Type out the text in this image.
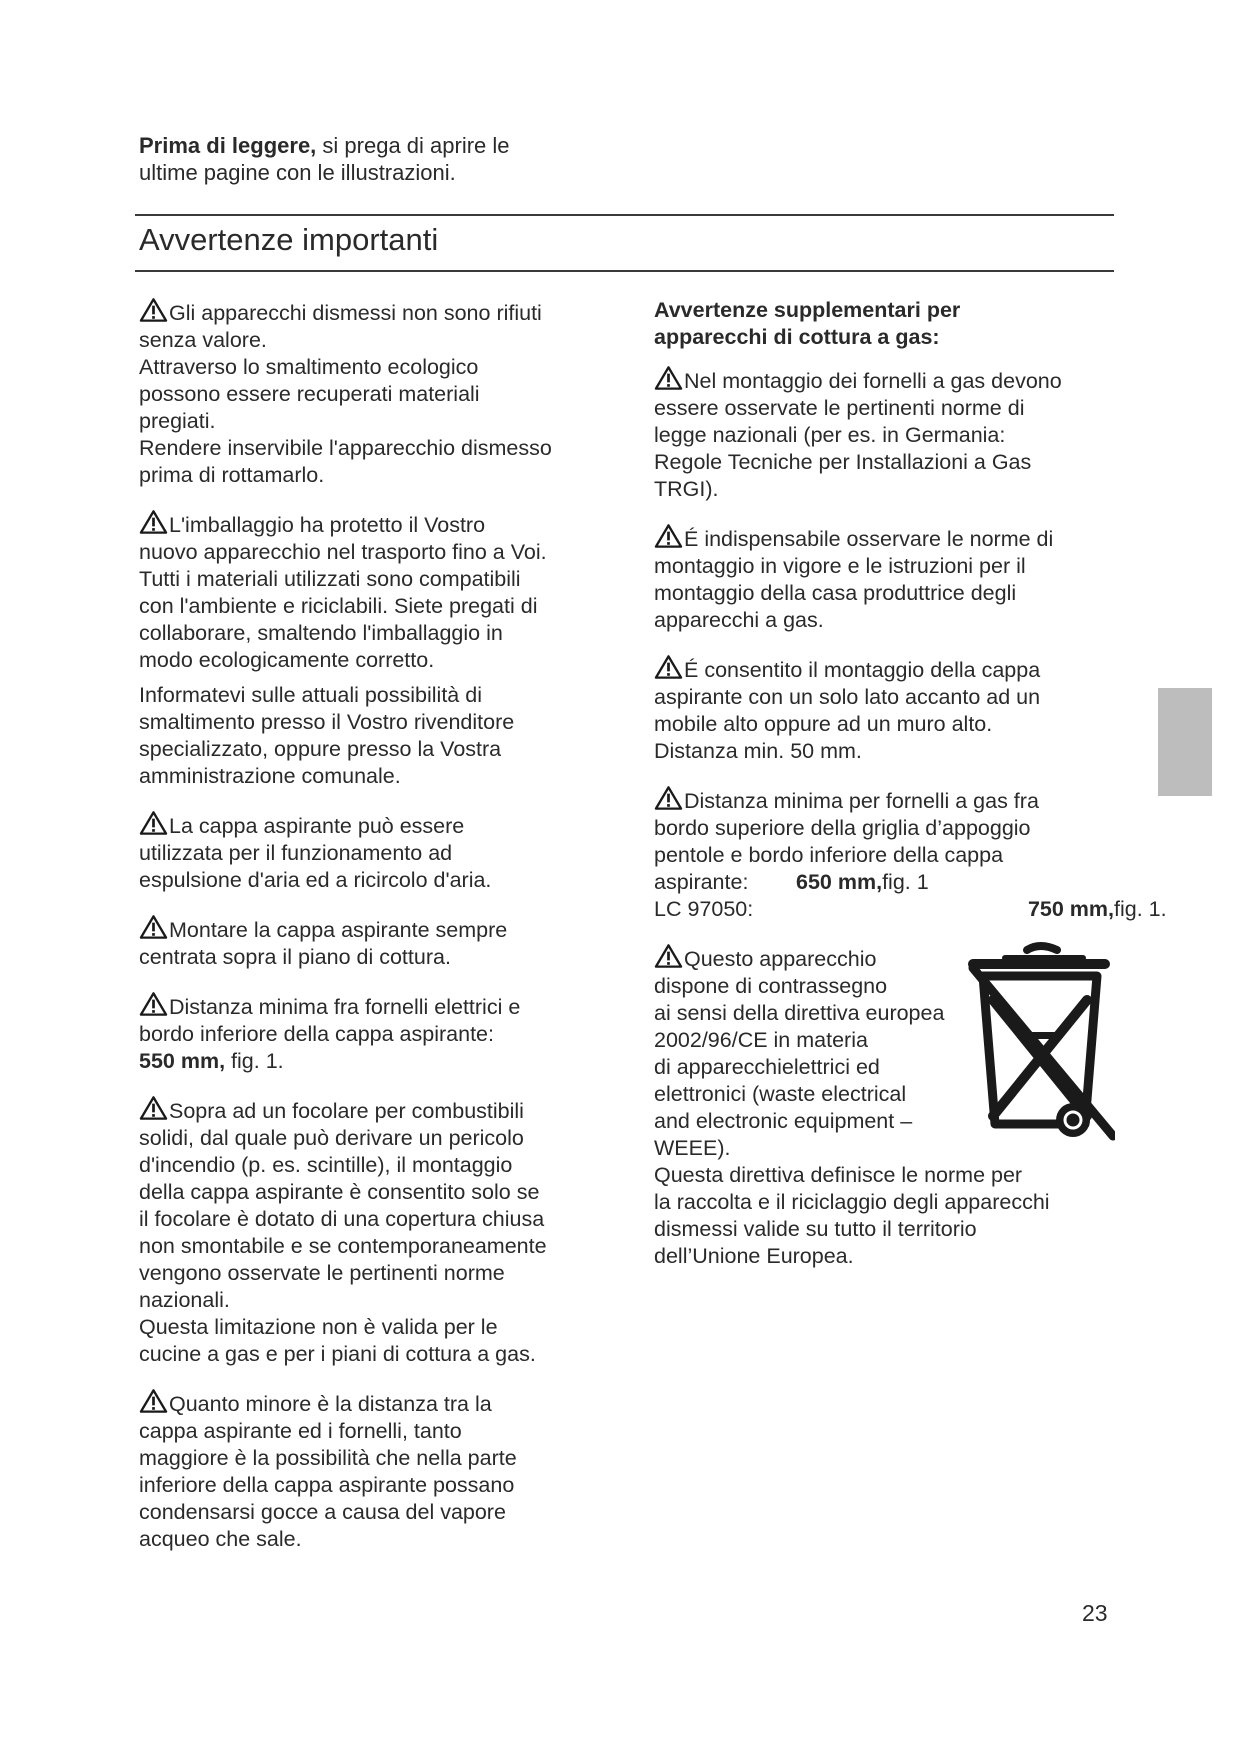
Prima di leggere, si prega di aprire le
ultime pagine con le illustrazioni.
Avvertenze importanti

Gli apparecchi dismessi non sono rifiuti
senza valore.
Attraverso lo smaltimento ecologico
possono essere recuperati materiali
pregiati.
Rendere inservibile l'apparecchio dismesso
prima di rottamarlo.

L'imballaggio ha protetto il Vostro
nuovo apparecchio nel trasporto fino a Voi.
Tutti i materiali utilizzati sono compatibili
con l'ambiente e riciclabili. Siete pregati di
collaborare, smaltendo l'imballaggio in
modo ecologicamente corretto.

Informatevi sulle attuali possibilità di
smaltimento presso il Vostro rivenditore
specializzato, oppure presso la Vostra
amministrazione comunale.

La cappa aspirante può essere
utilizzata per il funzionamento ad
espulsione d'aria ed a ricircolo d'aria.

Montare la cappa aspirante sempre
centrata sopra il piano di cottura.

Distanza minima fra fornelli elettrici e
bordo inferiore della cappa aspirante:
550 mm, fig. 1.

Sopra ad un focolare per combustibili
solidi, dal quale può derivare un pericolo
d'incendio (p. es. scintille), il montaggio
della cappa aspirante è consentito solo se
il focolare è dotato di una copertura chiusa
non smontabile e se contemporaneamente
vengono osservate le pertinenti norme
nazionali.
Questa limitazione non è valida per le
cucine a gas e per i piani di cottura a gas.

Quanto minore è la distanza tra la
cappa aspirante ed i fornelli, tanto
maggiore è la possibilità che nella parte
inferiore della cappa aspirante possano
condensarsi gocce a causa del vapore
acqueo che sale.

Avvertenze supplementari per
apparecchi di cottura a gas:

Nel montaggio dei fornelli a gas devono
essere osservate le pertinenti norme di
legge nazionali (per es. in Germania:
Regole Tecniche per Installazioni a Gas
TRGI).

É indispensabile osservare le norme di
montaggio in vigore e le istruzioni per il
montaggio della casa produttrice degli
apparecchi a gas.

É consentito il montaggio della cappa
aspirante con un solo lato accanto ad un
mobile alto oppure ad un muro alto.
Distanza min. 50 mm.

Distanza minima per fornelli a gas fra
bordo superiore della griglia d’appoggio
pentole e bordo inferiore della cappa

aspirante: 650 mm, fig. 1
LC 97050:	750 mm, fig. 1.

Questo apparecchio
dispone di contrassegno
ai sensi della direttiva europea
2002/96/CE in materia
di apparecchielettrici ed
elettronici (waste electrical
and electronic equipment –
WEEE).
Questa direttiva definisce le norme per
la raccolta e il riciclaggio degli apparecchi
dismessi valide su tutto il territorio
dell’Unione Europea.

23
